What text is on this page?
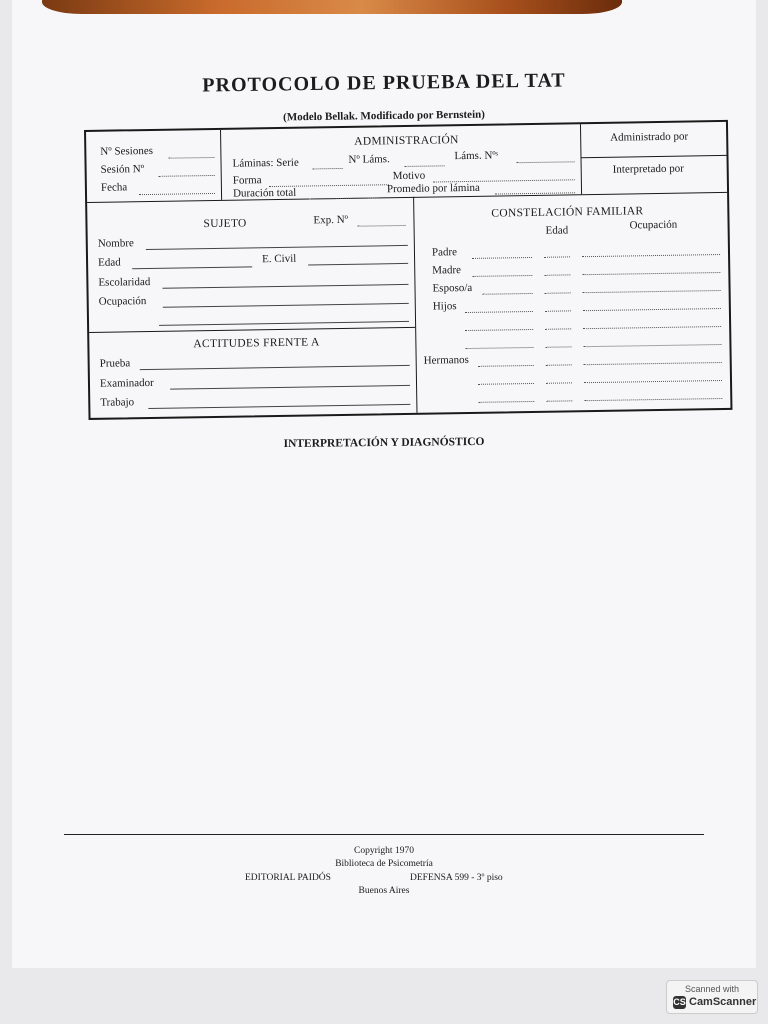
PROTOCOLO DE PRUEBA DEL TAT
(Modelo Bellak. Modificado por Bernstein)
Nº Sesiones
Sesión Nº
Fecha
ADMINISTRACIÓN
Láminas: Serie	Nº Láms.	Láms. Nºˢ
Forma	Motivo
Duración total	Promedio por lámina
Administrado por
Interpretado por
SUJETO	Exp. Nº
Nombre
Edad	E. Civil
Escolaridad
Ocupación
ACTITUDES FRENTE A
Prueba
Examinador
Trabajo
CONSTELACIÓN FAMILIAR
Edad	Ocupación
Padre
Madre
Esposo/a
Hijos
Hermanos
INTERPRETACIÓN Y DIAGNÓSTICO
Copyright 1970
Biblioteca de Psicometría
EDITORIAL PAIDÓS	DEFENSA 599 - 3º piso
Buenos Aires
Scanned with
CS CamScanner
